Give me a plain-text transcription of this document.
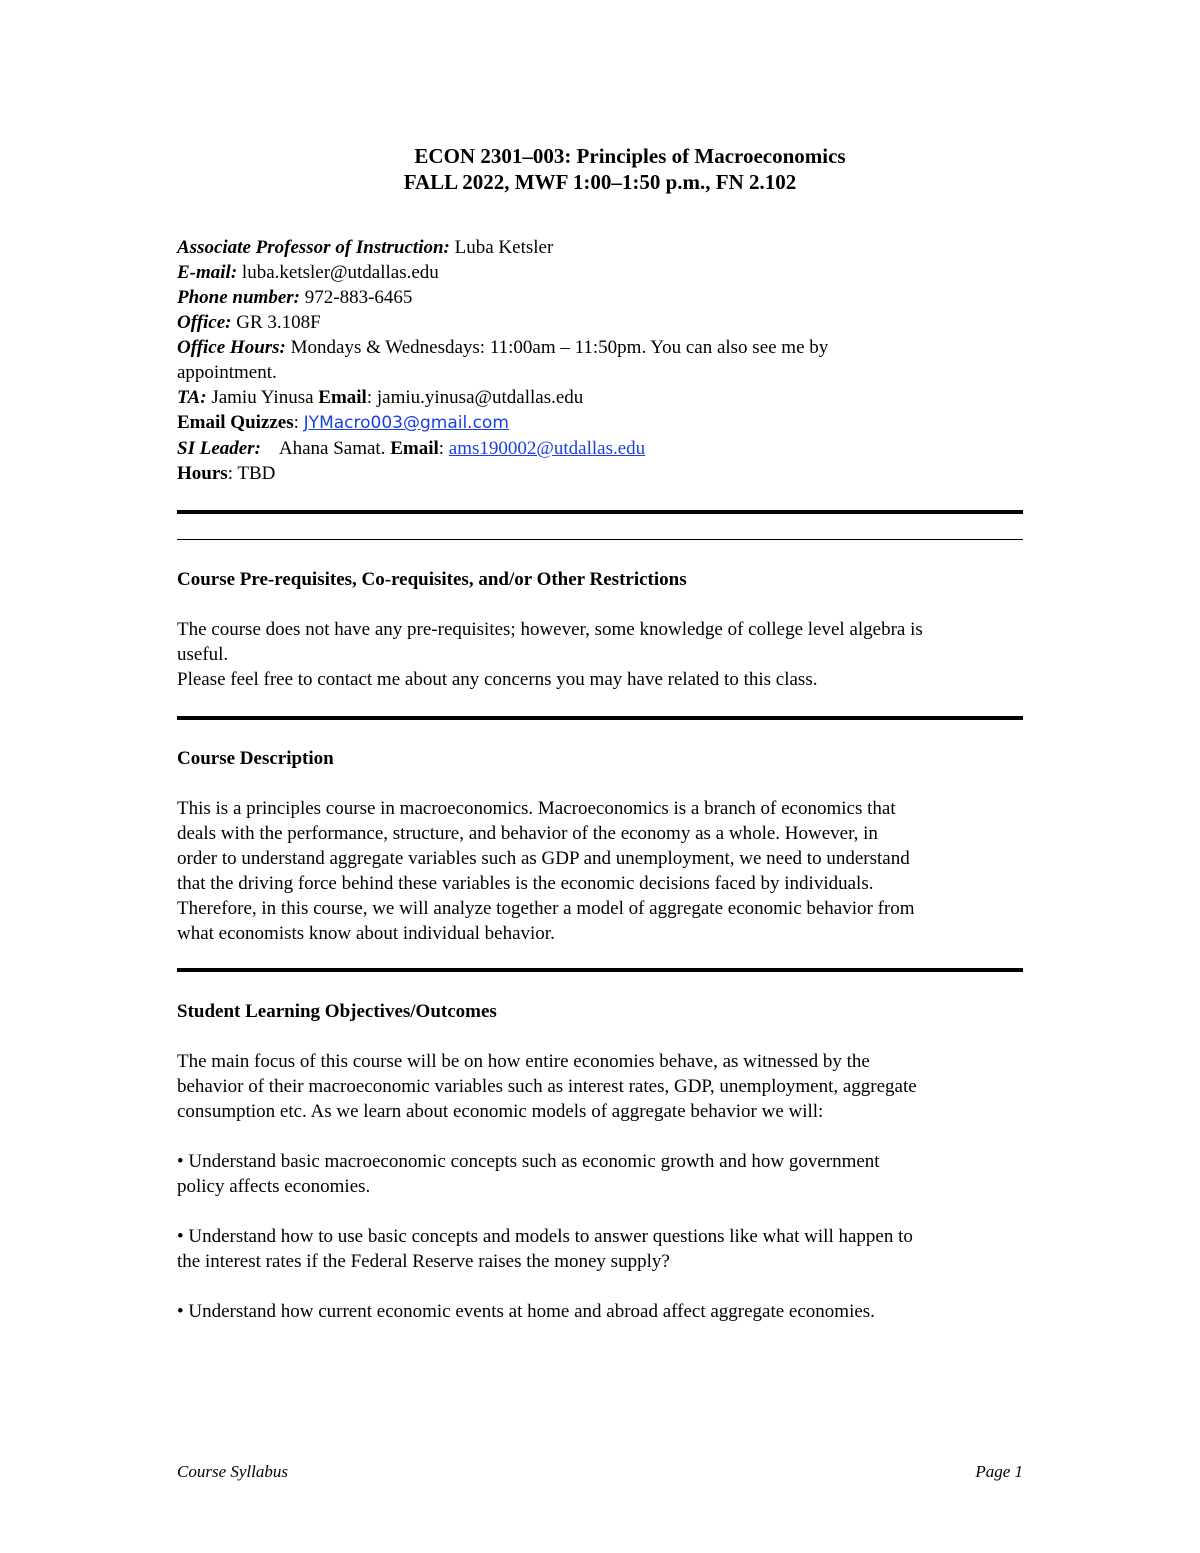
ECON 2301–003: Principles of Macroeconomics
FALL 2022, MWF 1:00–1:50 p.m., FN 2.102
Associate Professor of Instruction: Luba Ketsler
E-mail: luba.ketsler@utdallas.edu
Phone number: 972-883-6465
Office: GR 3.108F
Office Hours: Mondays & Wednesdays: 11:00am – 11:50pm. You can also see me by
appointment.
TA: Jamiu Yinusa Email: jamiu.yinusa@utdallas.edu
Email Quizzes: JYMacro003@gmail.com
SI Leader:    Ahana Samat. Email: ams190002@utdallas.edu
Hours: TBD
Course Pre-requisites, Co-requisites, and/or Other Restrictions
The course does not have any pre-requisites; however, some knowledge of college level algebra is
useful.
Please feel free to contact me about any concerns you may have related to this class.
Course Description
This is a principles course in macroeconomics. Macroeconomics is a branch of economics that
deals with the performance, structure, and behavior of the economy as a whole. However, in
order to understand aggregate variables such as GDP and unemployment, we need to understand
that the driving force behind these variables is the economic decisions faced by individuals.
Therefore, in this course, we will analyze together a model of aggregate economic behavior from
what economists know about individual behavior.
Student Learning Objectives/Outcomes
The main focus of this course will be on how entire economies behave, as witnessed by the
behavior of their macroeconomic variables such as interest rates, GDP, unemployment, aggregate
consumption etc. As we learn about economic models of aggregate behavior we will:
• Understand basic macroeconomic concepts such as economic growth and how government
policy affects economies.
• Understand how to use basic concepts and models to answer questions like what will happen to
the interest rates if the Federal Reserve raises the money supply?
• Understand how current economic events at home and abroad affect aggregate economies.
Course Syllabus	Page 1
